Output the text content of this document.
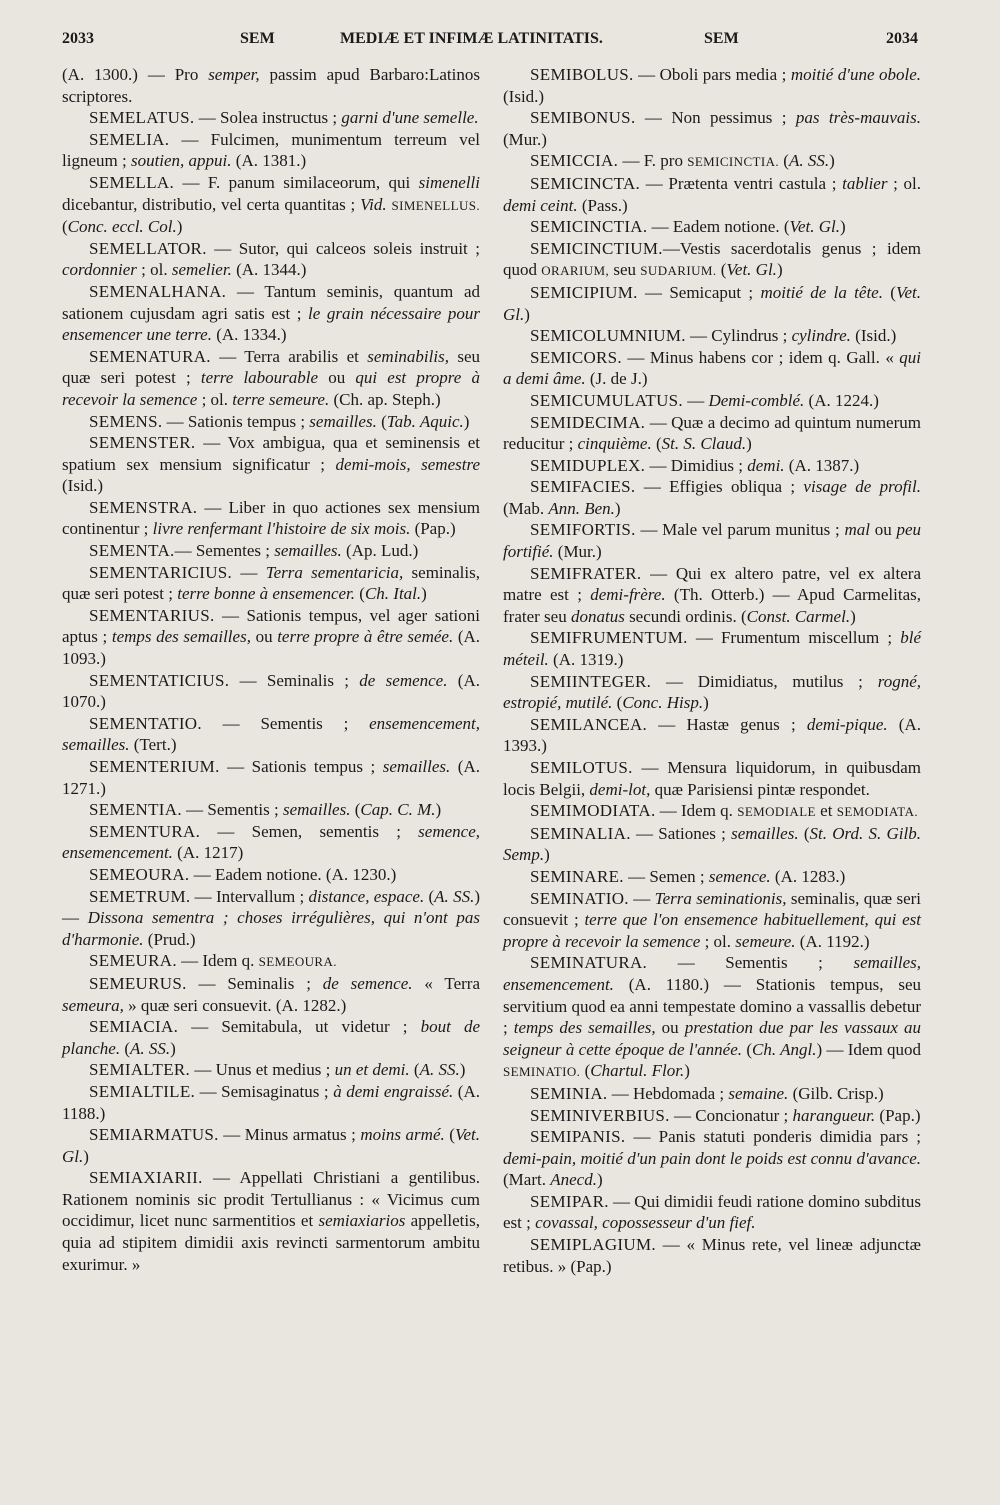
2033	SEM	MEDIÆ ET INFIMÆ LATINITATIS.	SEM	2034

(A. 1300.) — Pro semper, passim apud Barbaro:Latinos scriptores.

SEMELATUS. — Solea instructus ; garni d'une semelle.

SEMELIA. — Fulcimen, munimentum terreum vel ligneum ; soutien, appui. (A. 1381.)

SEMELLA. — F. panum similaceorum, qui simenelli dicebantur, distributio, vel certa quantitas ; Vid. SIMENELLUS. (Conc. eccl. Col.)

SEMELLATOR. — Sutor, qui calceos soleis instruit ; cordonnier ; ol. semelier. (A. 1344.)

SEMENALHANA. — Tantum seminis, quantum ad sationem cujusdam agri satis est ; le grain nécessaire pour ensemencer une terre. (A. 1334.)

SEMENATURA. — Terra arabilis et seminabilis, seu quæ seri potest ; terre labourable ou qui est propre à recevoir la semence ; ol. terre semeure. (Ch. ap. Steph.)

SEMENS. — Sationis tempus ; semailles. (Tab. Aquic.)

SEMENSTER. — Vox ambigua, qua et seminensis et spatium sex mensium significatur ; demi-mois, semestre (Isid.)

SEMENSTRA. — Liber in quo actiones sex mensium continentur ; livre renfermant l'histoire de six mois. (Pap.)

SEMENTA.— Sementes ; semailles. (Ap. Lud.)

SEMENTARICIUS. — Terra sementaricia, seminalis, quæ seri potest ; terre bonne à ensemencer. (Ch. Ital.)

SEMENTARIUS. — Sationis tempus, vel ager sationi aptus ; temps des semailles, ou terre propre à être semée. (A. 1093.)

SEMENTATICIUS. — Seminalis ; de semence. (A. 1070.)

SEMENTATIO. — Sementis ; ensemencement, semailles. (Tert.)

SEMENTERIUM. — Sationis tempus ; semailles. (A. 1271.)

SEMENTIA. — Sementis ; semailles. (Cap. C. M.)

SEMENTURA. — Semen, sementis ; semence, ensemencement. (A. 1217)

SEMEOURA. — Eadem notione. (A. 1230.)

SEMETRUM. — Intervallum ; distance, espace. (A. SS.) — Dissona sementra ; choses irrégulières, qui n'ont pas d'harmonie. (Prud.)

SEMEURA. — Idem q. SEMEOURA.

SEMEURUS. — Seminalis ; de semence. « Terra semeura, » quæ seri consuevit. (A. 1282.)

SEMIACIA. — Semitabula, ut videtur ; bout de planche. (A. SS.)

SEMIALTER. — Unus et medius ; un et demi. (A. SS.)

SEMIALTILE. — Semisaginatus ; à demi engraissé. (A. 1188.)

SEMIARMATUS. — Minus armatus ; moins armé. (Vet. Gl.)

SEMIAXIARII. — Appellati Christiani a gentilibus. Rationem nominis sic prodit Tertullianus : « Vicimus cum occidimur, licet nunc sarmentitios et semiaxiarios appelletis, quia ad stipitem dimidii axis revincti sarmentorum ambitu exurimur. »

SEMIBOLUS. — Oboli pars media ; moitié d'une obole. (Isid.)

SEMIBONUS. — Non pessimus ; pas très-mauvais. (Mur.)

SEMICCIA. — F. pro SEMICINCTIA. (A. SS.)

SEMICINCTA. — Prætenta ventri castula ; tablier ; ol. demi ceint. (Pass.)

SEMICINCTIA. — Eadem notione. (Vet. Gl.)

SEMICINCTIUM.—Vestis sacerdotalis genus ; idem quod ORARIUM, seu SUDARIUM. (Vet. Gl.)

SEMICIPIUM. — Semicaput ; moitié de la tête. (Vet. Gl.)

SEMICOLUMNIUM. — Cylindrus ; cylindre. (Isid.)

SEMICORS. — Minus habens cor ; idem q. Gall. « qui a demi âme. (J. de J.)

SEMICUMULATUS. — Demi-comblé. (A. 1224.)

SEMIDECIMA. — Quæ a decimo ad quintum numerum reducitur ; cinquième. (St. S. Claud.)

SEMIDUPLEX. — Dimidius ; demi. (A. 1387.)

SEMIFACIES. — Effigies obliqua ; visage de profil. (Mab. Ann. Ben.)

SEMIFORTIS. — Male vel parum munitus ; mal ou peu fortifié. (Mur.)

SEMIFRATER. — Qui ex altero patre, vel ex altera matre est ; demi-frère. (Th. Otterb.) — Apud Carmelitas, frater seu donatus secundi ordinis. (Const. Carmel.)

SEMIFRUMENTUM. — Frumentum miscellum ; blé méteil. (A. 1319.)

SEMIINTEGER. — Dimidiatus, mutilus ; rogné, estropié, mutilé. (Conc. Hisp.)

SEMILANCEA. — Hastæ genus ; demi-pique. (A. 1393.)

SEMILOTUS. — Mensura liquidorum, in quibusdam locis Belgii, demi-lot, quæ Parisiensi pintæ respondet.

SEMIMODIATA. — Idem q. SEMODIALE et SEMODIATA.

SEMINALIA. — Sationes ; semailles. (St. Ord. S. Gilb. Semp.)

SEMINARE. — Semen ; semence. (A. 1283.)

SEMINATIO. — Terra seminationis, seminalis, quæ seri consuevit ; terre que l'on ensemence habituellement, qui est propre à recevoir la semence ; ol. semeure. (A. 1192.)

SEMINATURA. — Sementis ; semailles, ensemencement. (A. 1180.) — Stationis tempus, seu servitium quod ea anni tempestate domino a vassallis debetur ; temps des semailles, ou prestation due par les vassaux au seigneur à cette époque de l'année. (Ch. Angl.) — Idem quod SEMINATIO. (Chartul. Flor.)

SEMINIA. — Hebdomada ; semaine. (Gilb. Crisp.)

SEMINIVERBIUS. — Concionatur ; harangueur. (Pap.)

SEMIPANIS. — Panis statuti ponderis dimidia pars ; demi-pain, moitié d'un pain dont le poids est connu d'avance. (Mart. Anecd.)

SEMIPAR. — Qui dimidii feudi ratione domino subditus est ; covassal, copossesseur d'un fief.

SEMIPLAGIUM. — « Minus rete, vel lineæ adjunctæ retibus. » (Pap.)
